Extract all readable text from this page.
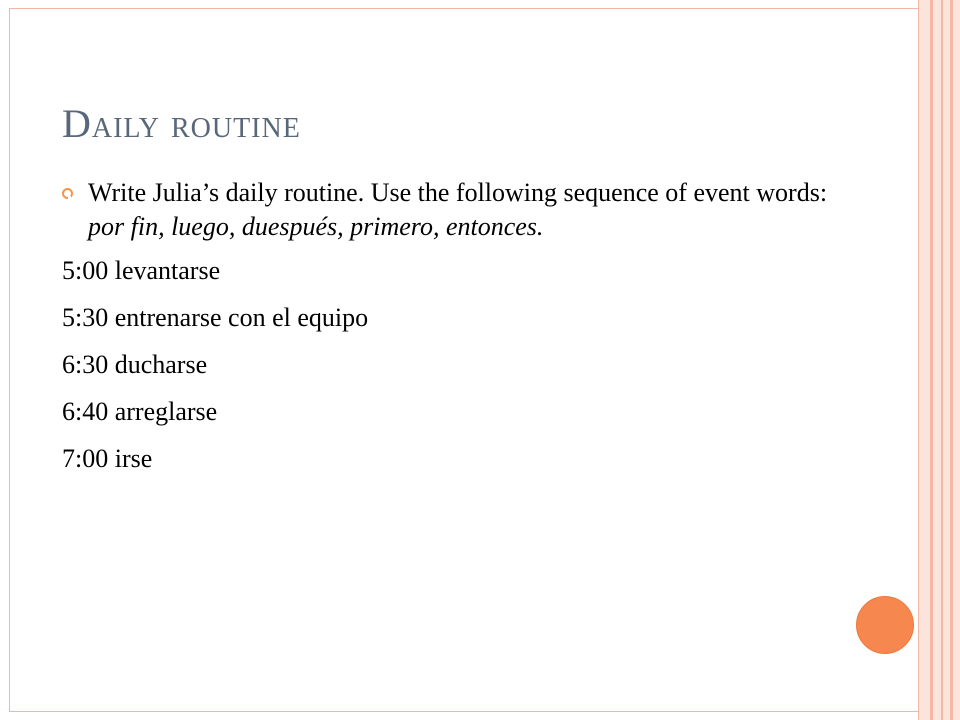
Daily routine
Write Julia’s daily routine. Use the following sequence of event words: por fin, luego, duespués, primero, entonces.
5:00 levantarse
5:30 entrenarse con el equipo
6:30 ducharse
6:40 arreglarse
7:00 irse
